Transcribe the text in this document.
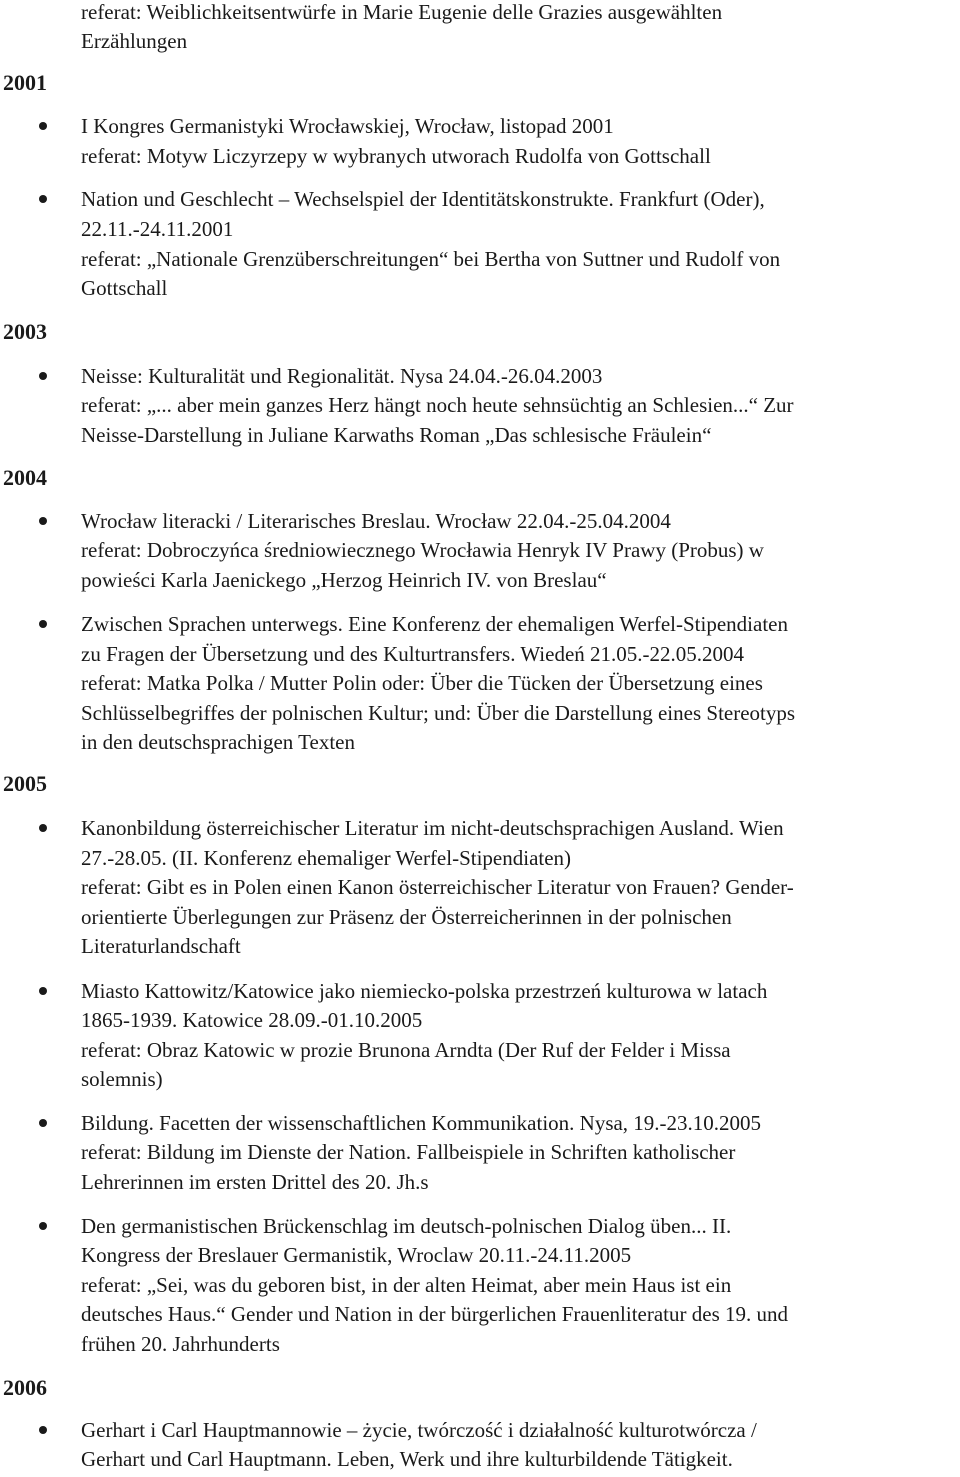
referat: Weiblichkeitsentwürfe in Marie Eugenie delle Grazies ausgewählten
Erzählungen
2001
2003
2004
2005
2006
I Kongres Germanistyki Wrocławskiej, Wrocław, listopad 2001
referat: Motyw Liczyrzepy w wybranych utworach Rudolfa von Gottschall
Nation und Geschlecht – Wechselspiel der Identitätskonstrukte. Frankfurt (Oder),
22.11.-24.11.2001
referat: „Nationale Grenzüberschreitungen“ bei Bertha von Suttner und Rudolf von
Gottschall
Neisse: Kulturalität und Regionalität. Nysa 24.04.-26.04.2003
referat: „... aber mein ganzes Herz hängt noch heute sehnsüchtig an Schlesien...“ Zur
Neisse-Darstellung in Juliane Karwaths Roman „Das schlesische Fräulein“
Wrocław literacki / Literarisches Breslau. Wrocław 22.04.-25.04.2004
referat: Dobroczyńca średniowiecznego Wrocławia Henryk IV Prawy (Probus) w
powieści Karla Jaenickego „Herzog Heinrich IV. von Breslau“
Zwischen Sprachen unterwegs. Eine Konferenz der ehemaligen Werfel-Stipendiaten
zu Fragen der Übersetzung und des Kulturtransfers. Wiedeń 21.05.-22.05.2004
referat: Matka Polka / Mutter Polin oder: Über die Tücken der Übersetzung eines
Schlüsselbegriffes der polnischen Kultur; und: Über die Darstellung eines Stereotyps
in den deutschsprachigen Texten
Kanonbildung österreichischer Literatur im nicht-deutschsprachigen Ausland. Wien
27.-28.05. (II. Konferenz ehemaliger Werfel-Stipendiaten)
referat: Gibt es in Polen einen Kanon österreichischer Literatur von Frauen? Gender-
orientierte Überlegungen zur Präsenz der Österreicherinnen in der polnischen
Literaturlandschaft
Miasto Kattowitz/Katowice jako niemiecko-polska przestrzeń kulturowa w latach
1865-1939. Katowice 28.09.-01.10.2005
referat: Obraz Katowic w prozie Brunona Arndta (Der Ruf der Felder i Missa
solemnis)
Bildung. Facetten der wissenschaftlichen Kommunikation. Nysa, 19.-23.10.2005
referat: Bildung im Dienste der Nation. Fallbeispiele in Schriften katholischer
Lehrerinnen im ersten Drittel des 20. Jh.s
Den germanistischen Brückenschlag im deutsch-polnischen Dialog üben... II.
Kongress der Breslauer Germanistik, Wroclaw 20.11.-24.11.2005
referat: „Sei, was du geboren bist, in der alten Heimat, aber mein Haus ist ein
deutsches Haus.“ Gender und Nation in der bürgerlichen Frauenliteratur des 19. und
frühen 20. Jahrhunderts
Gerhart i Carl Hauptmannowie – życie, twórczość i działalność kulturotwórcza /
Gerhart und Carl Hauptmann. Leben, Werk und ihre kulturbildende Tätigkeit.
